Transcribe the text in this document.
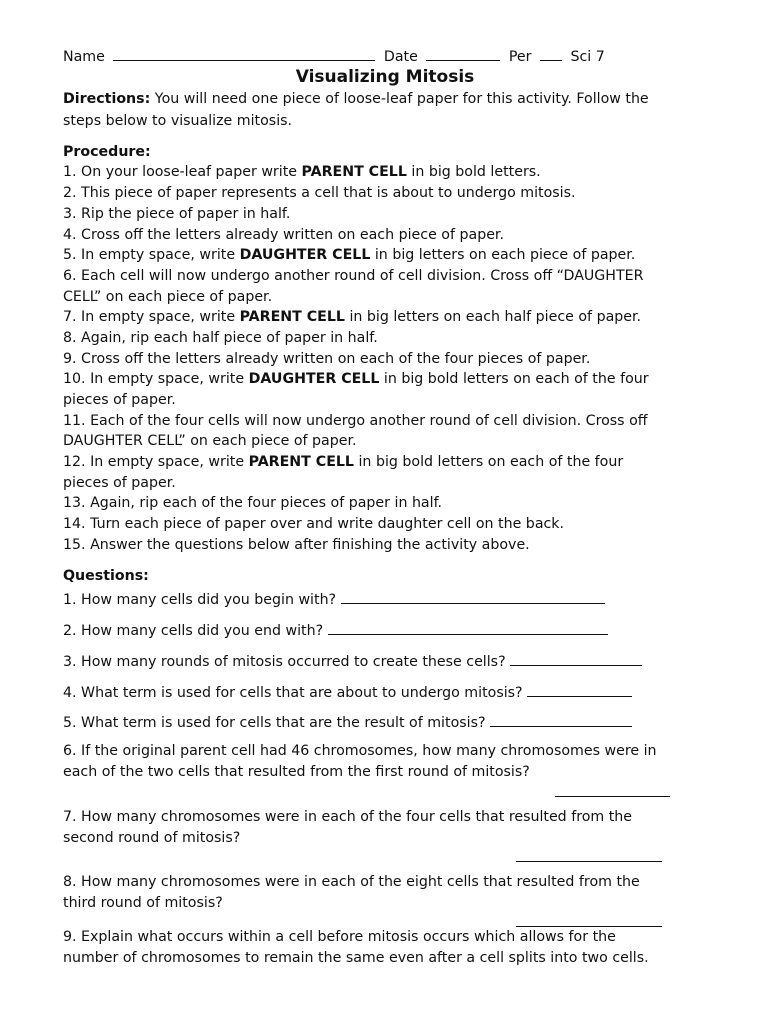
Name	Date	Per	Sci 7
Visualizing Mitosis
Directions: You will need one piece of loose-leaf paper for this activity. Follow the
steps below to visualize mitosis.
Procedure:
1. On your loose-leaf paper write PARENT CELL in big bold letters.
2. This piece of paper represents a cell that is about to undergo mitosis.
3. Rip the piece of paper in half.
4. Cross off the letters already written on each piece of paper.
5. In empty space, write DAUGHTER CELL in big letters on each piece of paper.
6. Each cell will now undergo another round of cell division. Cross off “DAUGHTER
CELL” on each piece of paper.
7. In empty space, write PARENT CELL in big letters on each half piece of paper.
8. Again, rip each half piece of paper in half.
9. Cross off the letters already written on each of the four pieces of paper.
10. In empty space, write DAUGHTER CELL in big bold letters on each of the four
pieces of paper.
11. Each of the four cells will now undergo another round of cell division. Cross off
DAUGHTER CELL” on each piece of paper.
12. In empty space, write PARENT CELL in big bold letters on each of the four
pieces of paper.
13. Again, rip each of the four pieces of paper in half.
14. Turn each piece of paper over and write daughter cell on the back.
15. Answer the questions below after finishing the activity above.
Questions:
1. How many cells did you begin with?
2. How many cells did you end with?
3. How many rounds of mitosis occurred to create these cells?
4. What term is used for cells that are about to undergo mitosis?
5. What term is used for cells that are the result of mitosis?
6. If the original parent cell had 46 chromosomes, how many chromosomes were in
each of the two cells that resulted from the first round of mitosis?
7. How many chromosomes were in each of the four cells that resulted from the
second round of mitosis?
8. How many chromosomes were in each of the eight cells that resulted from the
third round of mitosis?
9. Explain what occurs within a cell before mitosis occurs which allows for the
number of chromosomes to remain the same even after a cell splits into two cells.
